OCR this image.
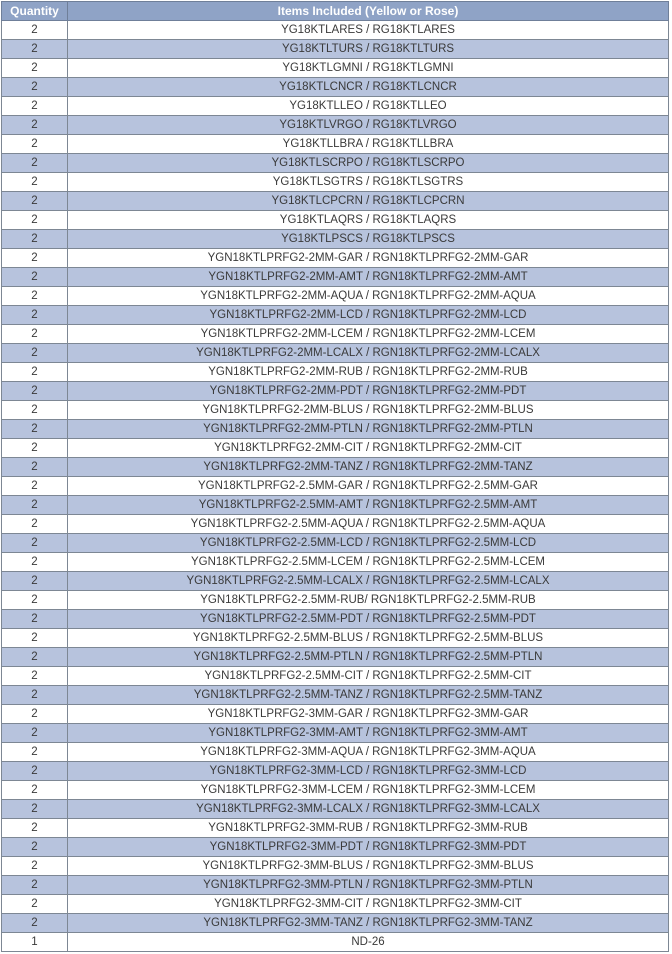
Quantity	Items Included (Yellow or Rose)
2	YG18KTLARES / RG18KTLARES
2	YG18KTLTURS / RG18KTLTURS
2	YG18KTLGMNI / RG18KTLGMNI
2	YG18KTLCNCR / RG18KTLCNCR
2	YG18KTLLEO / RG18KTLLEO
2	YG18KTLVRGO / RG18KTLVRGO
2	YG18KTLLBRA / RG18KTLLBRA
2	YG18KTLSCRPO / RG18KTLSCRPO
2	YG18KTLSGTRS / RG18KTLSGTRS
2	YG18KTLCPCRN / RG18KTLCPCRN
2	YG18KTLAQRS / RG18KTLAQRS
2	YG18KTLPSCS / RG18KTLPSCS
2	YGN18KTLPRFG2-2MM-GAR / RGN18KTLPRFG2-2MM-GAR
2	YGN18KTLPRFG2-2MM-AMT / RGN18KTLPRFG2-2MM-AMT
2	YGN18KTLPRFG2-2MM-AQUA / RGN18KTLPRFG2-2MM-AQUA
2	YGN18KTLPRFG2-2MM-LCD / RGN18KTLPRFG2-2MM-LCD
2	YGN18KTLPRFG2-2MM-LCEM / RGN18KTLPRFG2-2MM-LCEM
2	YGN18KTLPRFG2-2MM-LCALX / RGN18KTLPRFG2-2MM-LCALX
2	YGN18KTLPRFG2-2MM-RUB / RGN18KTLPRFG2-2MM-RUB
2	YGN18KTLPRFG2-2MM-PDT / RGN18KTLPRFG2-2MM-PDT
2	YGN18KTLPRFG2-2MM-BLUS / RGN18KTLPRFG2-2MM-BLUS
2	YGN18KTLPRFG2-2MM-PTLN / RGN18KTLPRFG2-2MM-PTLN
2	YGN18KTLPRFG2-2MM-CIT / RGN18KTLPRFG2-2MM-CIT
2	YGN18KTLPRFG2-2MM-TANZ / RGN18KTLPRFG2-2MM-TANZ
2	YGN18KTLPRFG2-2.5MM-GAR / RGN18KTLPRFG2-2.5MM-GAR
2	YGN18KTLPRFG2-2.5MM-AMT / RGN18KTLPRFG2-2.5MM-AMT
2	YGN18KTLPRFG2-2.5MM-AQUA / RGN18KTLPRFG2-2.5MM-AQUA
2	YGN18KTLPRFG2-2.5MM-LCD / RGN18KTLPRFG2-2.5MM-LCD
2	YGN18KTLPRFG2-2.5MM-LCEM / RGN18KTLPRFG2-2.5MM-LCEM
2	YGN18KTLPRFG2-2.5MM-LCALX / RGN18KTLPRFG2-2.5MM-LCALX
2	YGN18KTLPRFG2-2.5MM-RUB/ RGN18KTLPRFG2-2.5MM-RUB
2	YGN18KTLPRFG2-2.5MM-PDT / RGN18KTLPRFG2-2.5MM-PDT
2	YGN18KTLPRFG2-2.5MM-BLUS / RGN18KTLPRFG2-2.5MM-BLUS
2	YGN18KTLPRFG2-2.5MM-PTLN / RGN18KTLPRFG2-2.5MM-PTLN
2	YGN18KTLPRFG2-2.5MM-CIT / RGN18KTLPRFG2-2.5MM-CIT
2	YGN18KTLPRFG2-2.5MM-TANZ / RGN18KTLPRFG2-2.5MM-TANZ
2	YGN18KTLPRFG2-3MM-GAR / RGN18KTLPRFG2-3MM-GAR
2	YGN18KTLPRFG2-3MM-AMT / RGN18KTLPRFG2-3MM-AMT
2	YGN18KTLPRFG2-3MM-AQUA / RGN18KTLPRFG2-3MM-AQUA
2	YGN18KTLPRFG2-3MM-LCD / RGN18KTLPRFG2-3MM-LCD
2	YGN18KTLPRFG2-3MM-LCEM / RGN18KTLPRFG2-3MM-LCEM
2	YGN18KTLPRFG2-3MM-LCALX / RGN18KTLPRFG2-3MM-LCALX
2	YGN18KTLPRFG2-3MM-RUB / RGN18KTLPRFG2-3MM-RUB
2	YGN18KTLPRFG2-3MM-PDT / RGN18KTLPRFG2-3MM-PDT
2	YGN18KTLPRFG2-3MM-BLUS / RGN18KTLPRFG2-3MM-BLUS
2	YGN18KTLPRFG2-3MM-PTLN / RGN18KTLPRFG2-3MM-PTLN
2	YGN18KTLPRFG2-3MM-CIT / RGN18KTLPRFG2-3MM-CIT
2	YGN18KTLPRFG2-3MM-TANZ / RGN18KTLPRFG2-3MM-TANZ
1	ND-26
